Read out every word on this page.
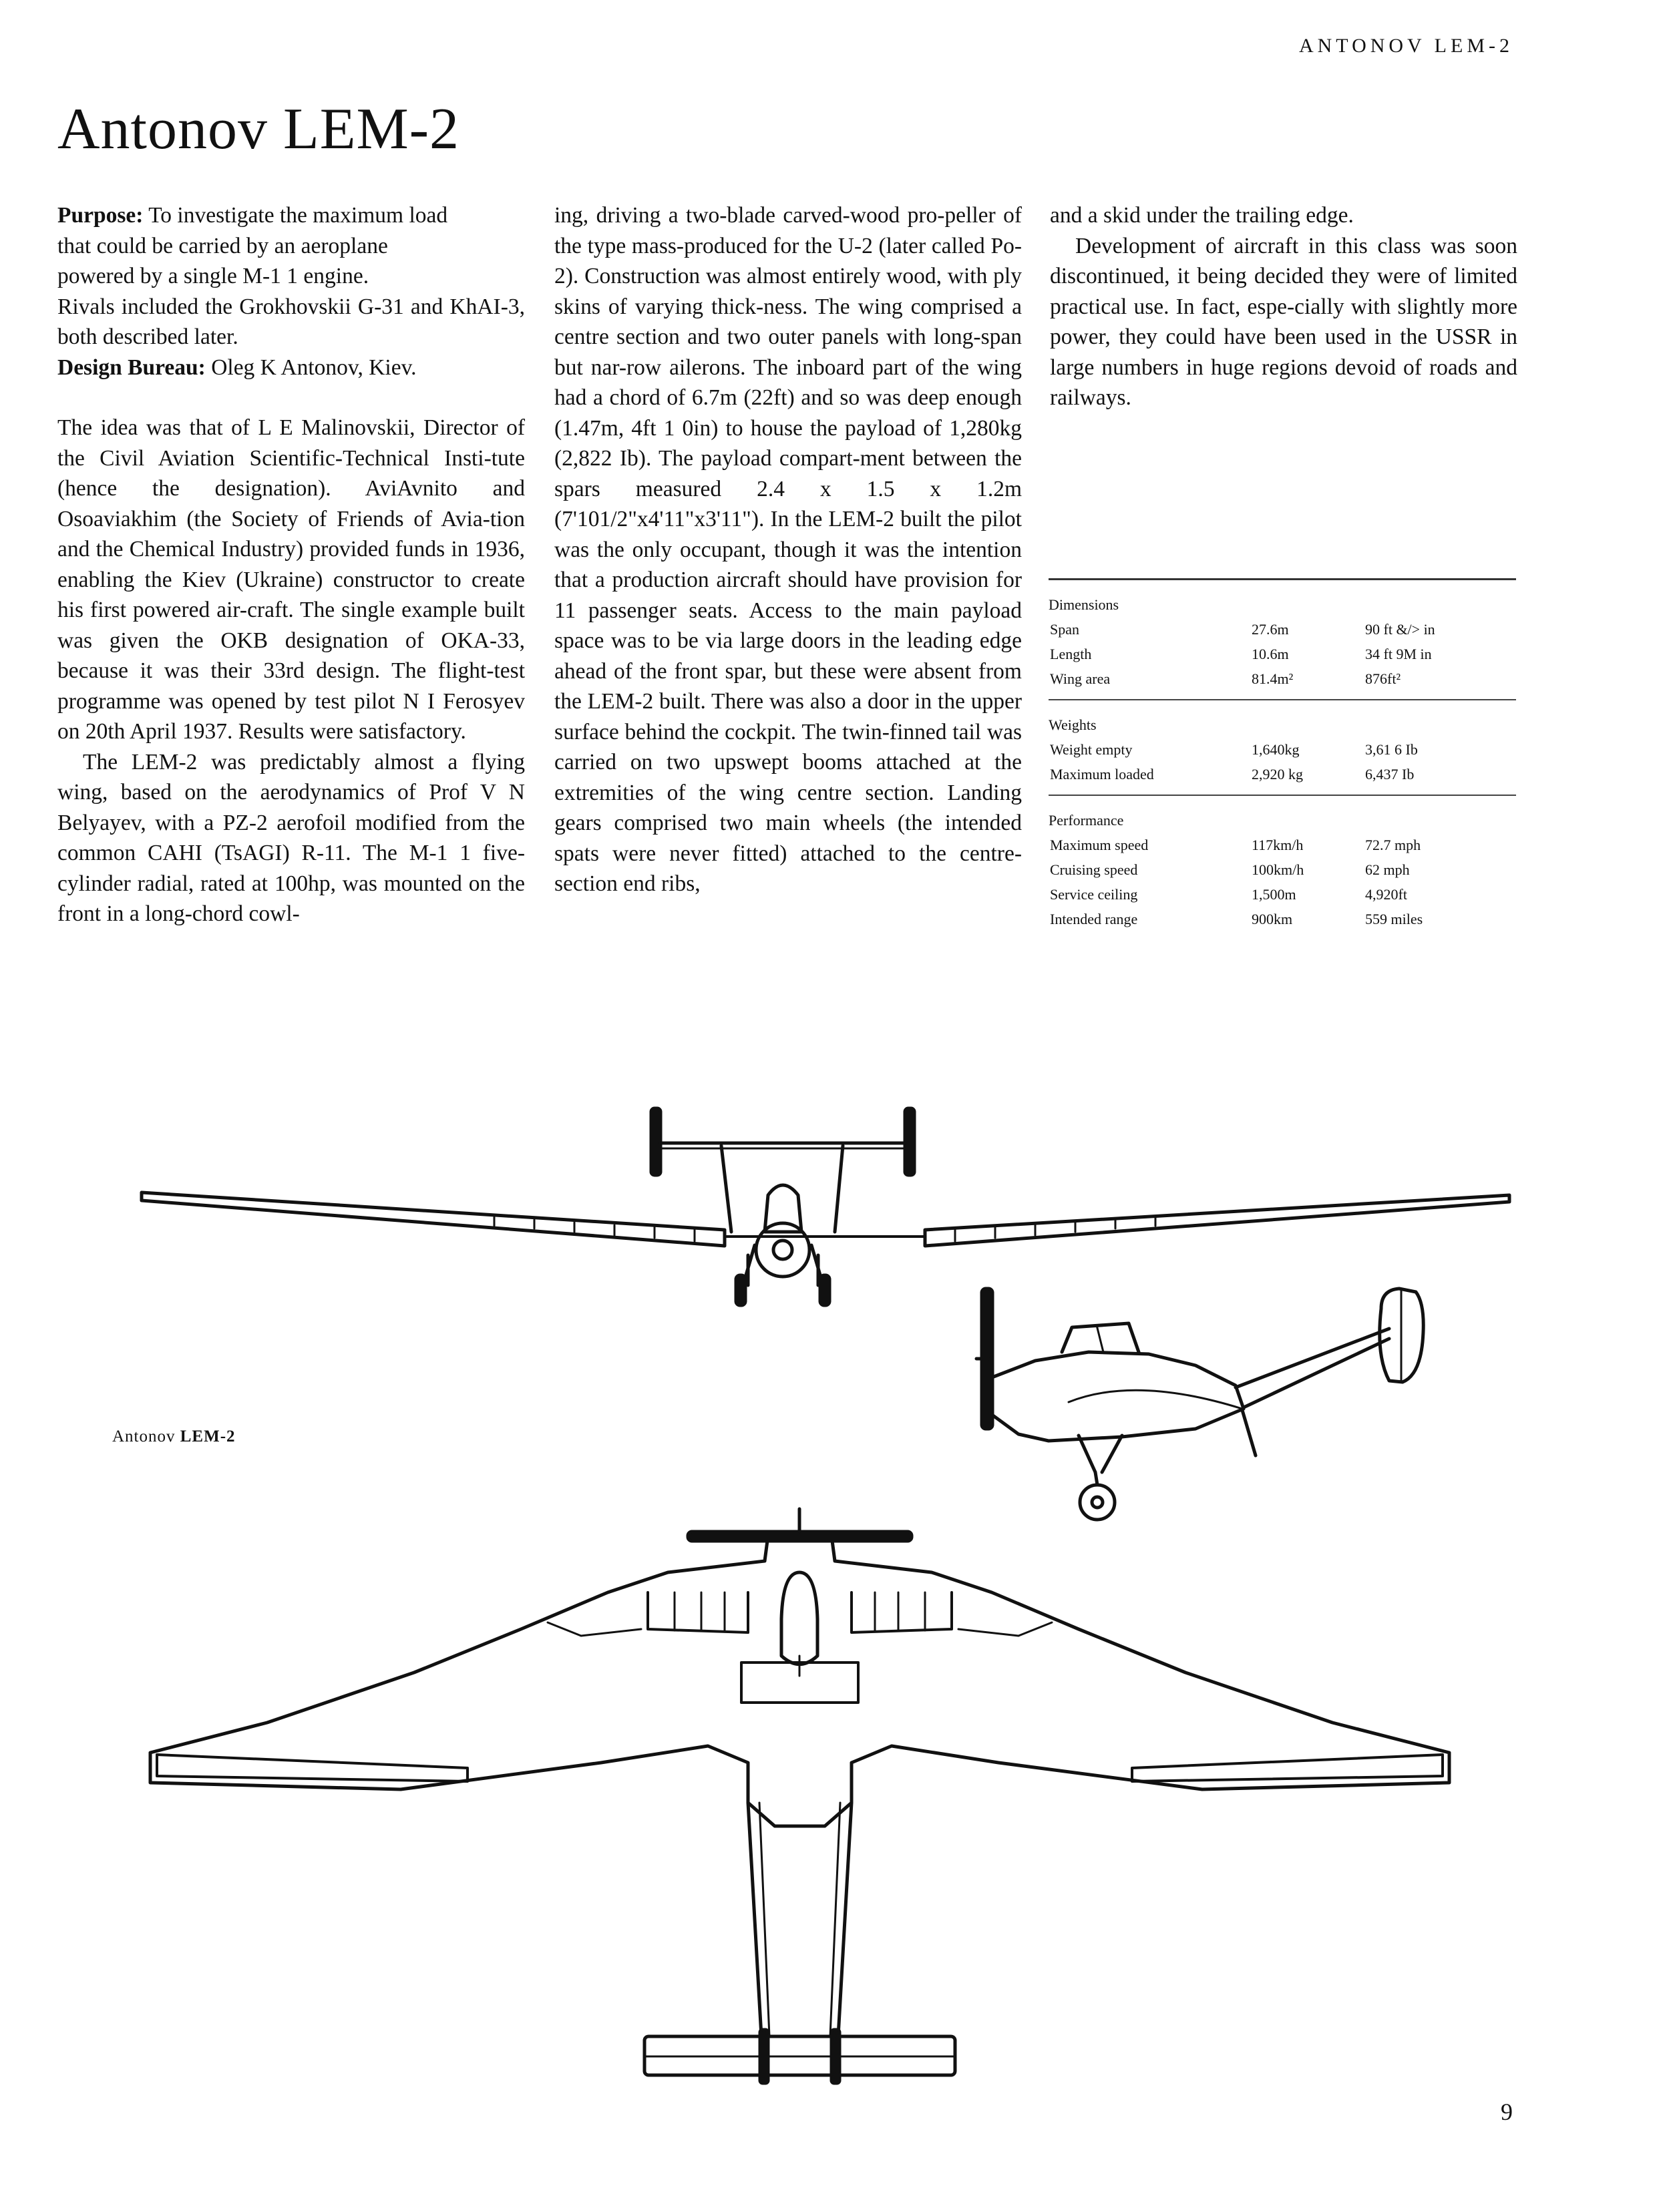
ANTONOV LEM-2
Antonov LEM-2

Purpose: To investigate the maximum load
that could be carried by an aeroplane
powered by a single M-1 1 engine.

Rivals included the Grokhovskii G-31 and KhAI-3, both described later.

Design Bureau: Oleg K Antonov, Kiev.

The idea was that of L E Malinovskii, Director of the Civil Aviation Scientific-Technical Insti-tute (hence the designation). AviAvnito and Osoaviakhim (the Society of Friends of Avia-tion and the Chemical Industry) provided funds in 1936, enabling the Kiev (Ukraine) constructor to create his first powered air-craft. The single example built was given the OKB designation of OKA-33, because it was their 33rd design. The flight-test programme was opened by test pilot N I Ferosyev on 20th April 1937. Results were satisfactory.

The LEM-2 was predictably almost a flying wing, based on the aerodynamics of Prof V N Belyayev, with a PZ-2 aerofoil modified from the common CAHI (TsAGI) R-11. The M-1 1 five-cylinder radial, rated at 100hp, was mounted on the front in a long-chord cowl-

ing, driving a two-blade carved-wood pro-peller of the type mass-produced for the U-2 (later called Po-2). Construction was almost entirely wood, with ply skins of varying thick-ness. The wing comprised a centre section and two outer panels with long-span but nar-row ailerons. The inboard part of the wing had a chord of 6.7m (22ft) and so was deep enough (1.47m, 4ft 1 0in) to house the payload of 1,280kg (2,822 Ib). The payload compart-ment between the spars measured 2.4 x 1.5 x 1.2m (7'101/2"x4'11"x3'11"). In the LEM-2 built the pilot was the only occupant, though it was the intention that a production aircraft should have provision for 11 passenger seats. Access to the main payload space was to be via large doors in the leading edge ahead of the front spar, but these were absent from the LEM-2 built. There was also a door in the upper surface behind the cockpit. The twin-finned tail was carried on two upswept booms attached at the extremities of the wing centre section. Landing gears comprised two main wheels (the intended spats were never fitted) attached to the centre-section end ribs,

and a skid under the trailing edge.

Development of aircraft in this class was soon discontinued, it being decided they were of limited practical use. In fact, espe-cially with slightly more power, they could have been used in the USSR in large numbers in huge regions devoid of roads and railways.

Dimensions
Span	27.6m	90 ft &/> in
Length	10.6m	34 ft 9M in
Wing area	81.4m²	876ft²
Weights
Weight empty	1,640kg	3,61 6 Ib
Maximum loaded	2,920 kg	6,437 Ib
Performance
Maximum speed	117km/h	72.7 mph
Cruising speed	100km/h	62 mph
Service ceiling	1,500m	4,920ft
Intended range	900km	559 miles
Antonov LEM-2
9
